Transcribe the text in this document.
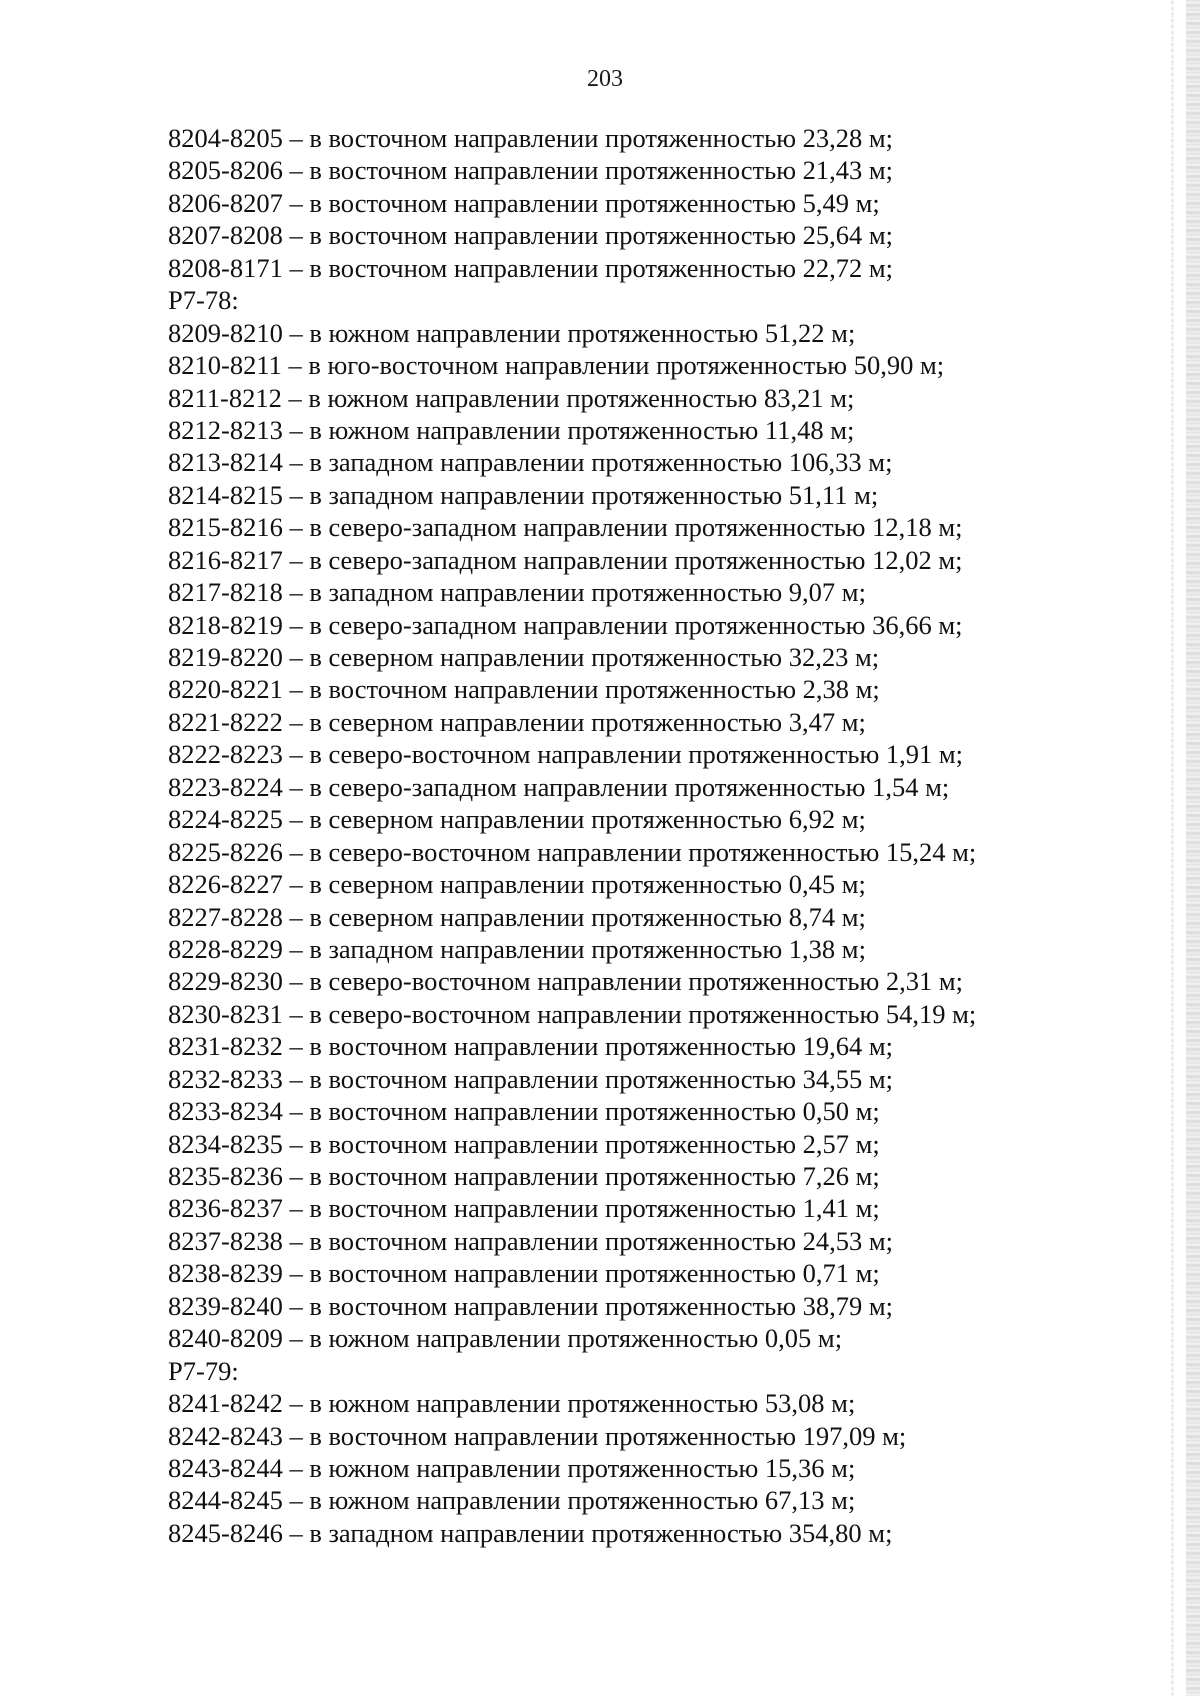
203
8204-8205 – в восточном направлении протяженностью 23,28 м;
8205-8206 – в восточном направлении протяженностью 21,43 м;
8206-8207 – в восточном направлении протяженностью 5,49 м;
8207-8208 – в восточном направлении протяженностью 25,64 м;
8208-8171 – в восточном направлении протяженностью 22,72 м;
Р7-78:
8209-8210 – в южном направлении протяженностью 51,22 м;
8210-8211 – в юго-восточном направлении протяженностью 50,90 м;
8211-8212 – в южном направлении протяженностью 83,21 м;
8212-8213 – в южном направлении протяженностью 11,48 м;
8213-8214 – в западном направлении протяженностью 106,33 м;
8214-8215 – в западном направлении протяженностью 51,11 м;
8215-8216 – в северо-западном направлении протяженностью 12,18 м;
8216-8217 – в северо-западном направлении протяженностью 12,02 м;
8217-8218 – в западном направлении протяженностью 9,07 м;
8218-8219 – в северо-западном направлении протяженностью 36,66 м;
8219-8220 – в северном направлении протяженностью 32,23 м;
8220-8221 – в восточном направлении протяженностью 2,38 м;
8221-8222 – в северном направлении протяженностью 3,47 м;
8222-8223 – в северо-восточном направлении протяженностью 1,91 м;
8223-8224 – в северо-западном направлении протяженностью 1,54 м;
8224-8225 – в северном направлении протяженностью 6,92 м;
8225-8226 – в северо-восточном направлении протяженностью 15,24 м;
8226-8227 – в северном направлении протяженностью 0,45 м;
8227-8228 – в северном направлении протяженностью 8,74 м;
8228-8229 – в западном направлении протяженностью 1,38 м;
8229-8230 – в северо-восточном направлении протяженностью 2,31 м;
8230-8231 – в северо-восточном направлении протяженностью 54,19 м;
8231-8232 – в восточном направлении протяженностью 19,64 м;
8232-8233 – в восточном направлении протяженностью 34,55 м;
8233-8234 – в восточном направлении протяженностью 0,50 м;
8234-8235 – в восточном направлении протяженностью 2,57 м;
8235-8236 – в восточном направлении протяженностью 7,26 м;
8236-8237 – в восточном направлении протяженностью 1,41 м;
8237-8238 – в восточном направлении протяженностью 24,53 м;
8238-8239 – в восточном направлении протяженностью 0,71 м;
8239-8240 – в восточном направлении протяженностью 38,79 м;
8240-8209 – в южном направлении протяженностью 0,05 м;
Р7-79:
8241-8242 – в южном направлении протяженностью 53,08 м;
8242-8243 – в восточном направлении протяженностью 197,09 м;
8243-8244 – в южном направлении протяженностью 15,36 м;
8244-8245 – в южном направлении протяженностью 67,13 м;
8245-8246 – в западном направлении протяженностью 354,80 м;
